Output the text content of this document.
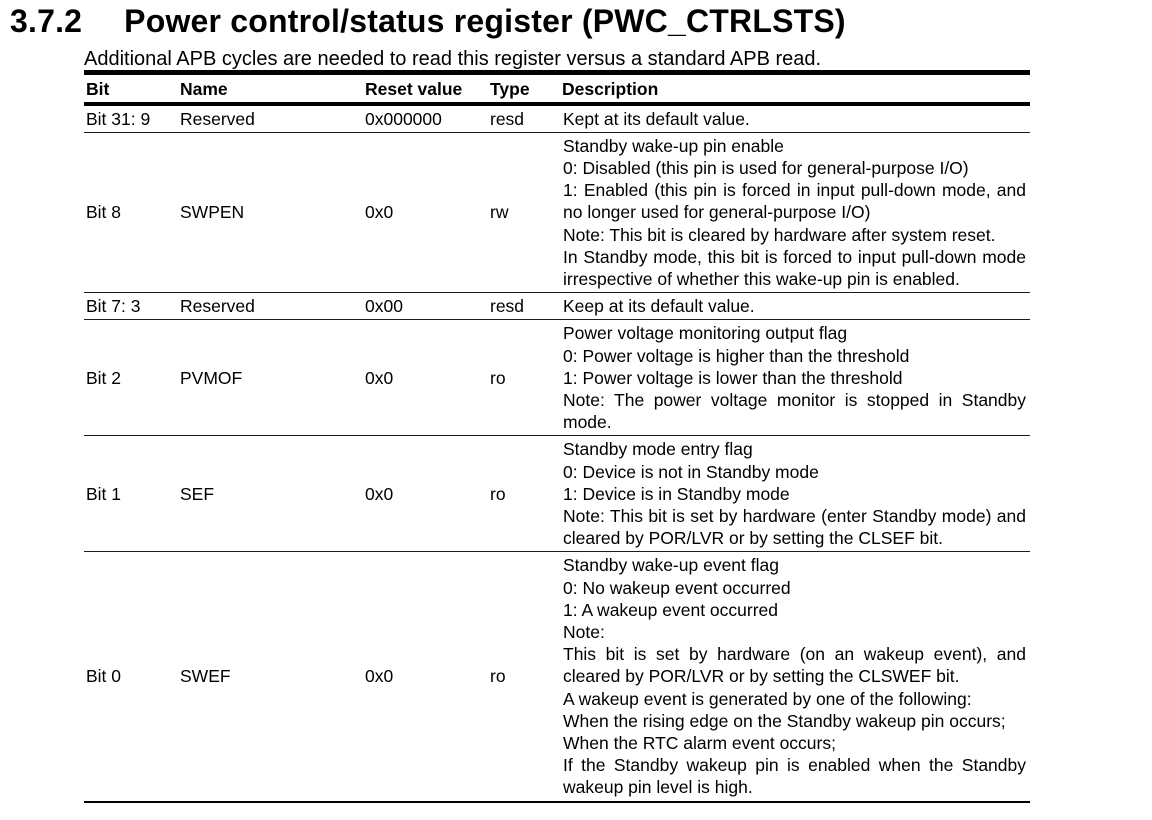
3.7.2 Power control/status register (PWC_CTRLSTS)

Additional APB cycles are needed to read this register versus a standard APB read.

Bit	Name	Reset value	Type	Description
Bit 31: 9	Reserved	0x000000	resd	Kept at its default value.

Bit 8	SWPEN	0x0	rw	Standby wake-up pin enable
0: Disabled (this pin is used for general-purpose I/O)
1: Enabled (this pin is forced in input pull-down mode, and no longer used for general-purpose I/O)
Note: This bit is cleared by hardware after system reset.
In Standby mode, this bit is forced to input pull-down mode irrespective of whether this wake-up pin is enabled.

Bit 7: 3	Reserved	0x00	resd	Keep at its default value.

Bit 2	PVMOF	0x0	ro	Power voltage monitoring output flag
0: Power voltage is higher than the threshold
1: Power voltage is lower than the threshold
Note: The power voltage monitor is stopped in Standby mode.

Bit 1	SEF	0x0	ro	Standby mode entry flag
0: Device is not in Standby mode
1: Device is in Standby mode
Note: This bit is set by hardware (enter Standby mode) and cleared by POR/LVR or by setting the CLSEF bit.

Bit 0	SWEF	0x0	ro	
Standby wake-up event flag
0: No wakeup event occurred
1: A wakeup event occurred
Note:
This bit is set by hardware (on an wakeup event), and cleared by POR/LVR or by setting the CLSWEF bit.
A wakeup event is generated by one of the following:
When the rising edge on the Standby wakeup pin occurs;
When the RTC alarm event occurs;
If the Standby wakeup pin is enabled when the Standby wakeup pin level is high.
